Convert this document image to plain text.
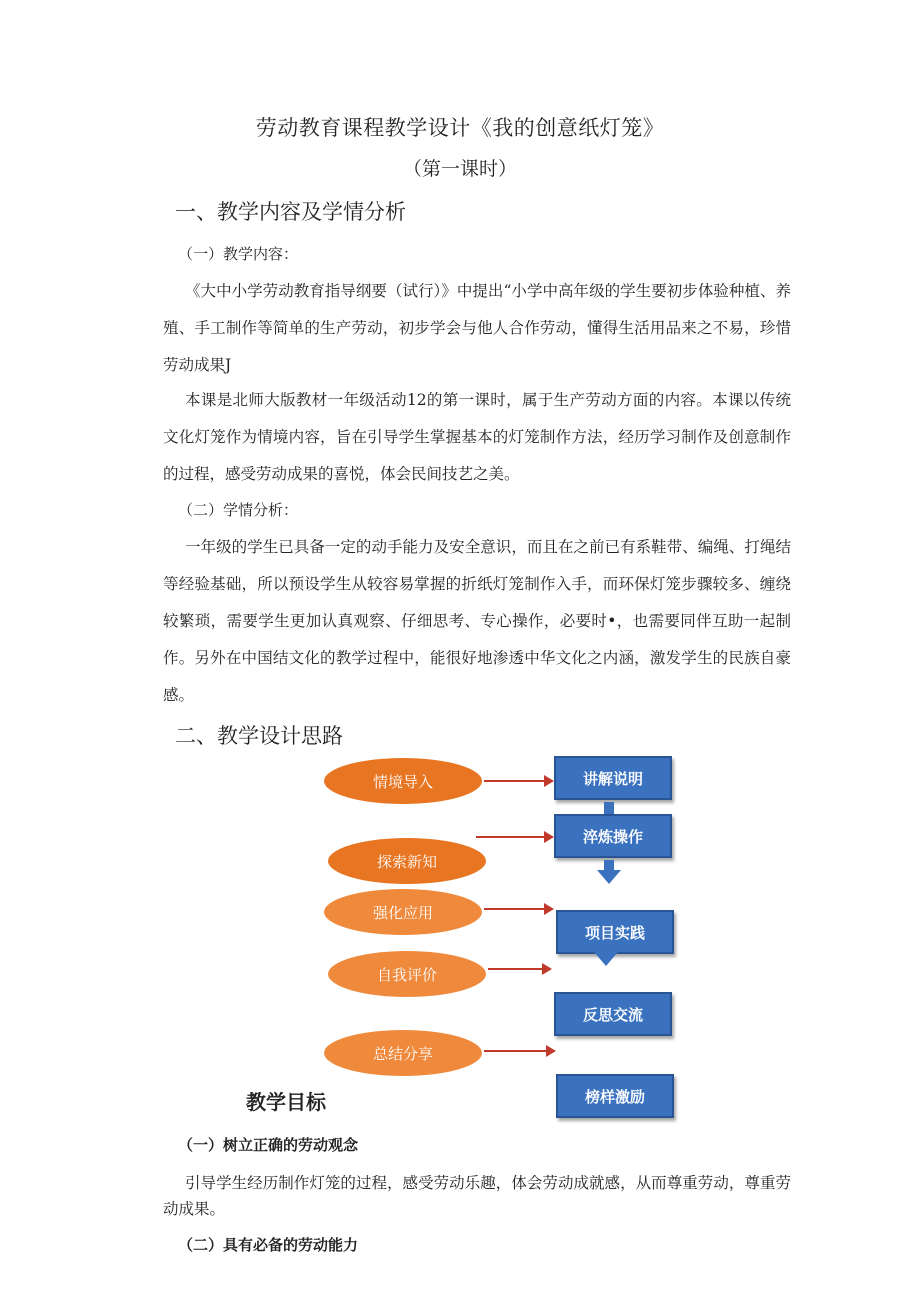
劳动教育课程教学设计《我的创意纸灯笼》
（第一课时）
一、教学内容及学情分析
（一）教学内容：
《大中小学劳动教育指导纲要（试行）》中提出“小学中高年级的学生要初步体验种植、养殖、手工制作等简单的生产劳动，初步学会与他人合作劳动，懂得生活用品来之不易，珍惜劳动成果J
本课是北师大版教材一年级活动12的第一课时，属于生产劳动方面的内容。本课以传统文化灯笼作为情境内容，旨在引导学生掌握基本的灯笼制作方法，经历学习制作及创意制作的过程，感受劳动成果的喜悦，体会民间技艺之美。
（二）学情分析：
一年级的学生已具备一定的动手能力及安全意识，而且在之前已有系鞋带、编绳、打绳结等经验基础，所以预设学生从较容易掌握的折纸灯笼制作入手，而环保灯笼步骤较多、缠绕较繁琐，需要学生更加认真观察、仔细思考、专心操作，必要时•，也需要同伴互助一起制作。另外在中国结文化的教学过程中，能很好地渗透中华文化之内涵，激发学生的民族自豪感。
二、教学设计思路
情境导入
探索新知
强化应用
自我评价
总结分享
讲解说明
淬炼操作
项目实践
反思交流
榜样激励
教学目标
（一）树立正确的劳动观念
引导学生经历制作灯笼的过程，感受劳动乐趣，体会劳动成就感，从而尊重劳动，尊重劳动成果。
（二）具有必备的劳动能力
